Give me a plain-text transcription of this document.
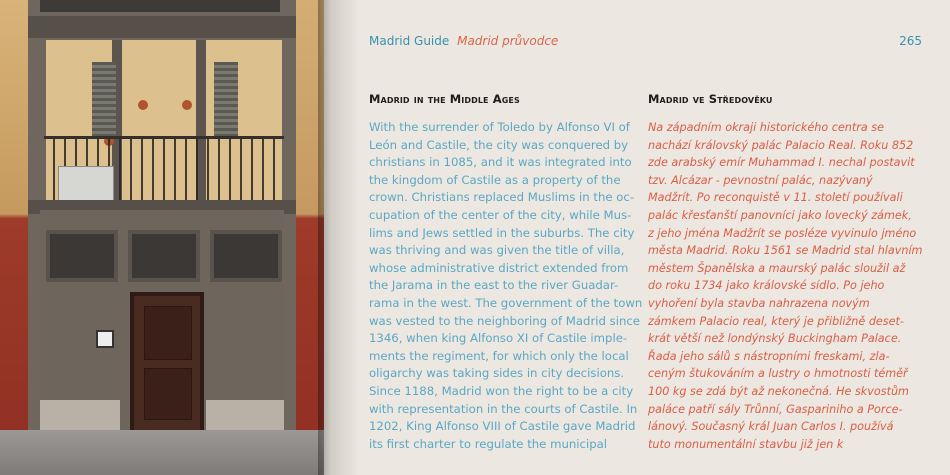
Madrid Guide Madrid průvodce	265
Madrid in the Middle Ages

With the surrender of Toledo by Alfonso VI of
León and Castile, the city was conquered by
christians in 1085, and it was integrated into
the kingdom of Castile as a property of the
crown. Christians replaced Muslims in the oc-
cupation of the center of the city, while Mus-
lims and Jews settled in the suburbs. The city
was thriving and was given the title of villa,
whose administrative district extended from
the Jarama in the east to the river Guadar-
rama in the west. The government of the town
was vested to the neighboring of Madrid since
1346, when king Alfonso XI of Castile imple-
ments the regiment, for which only the local
oligarchy was taking sides in city decisions.
Since 1188, Madrid won the right to be a city
with representation in the courts of Castile. In
1202, King Alfonso VIII of Castile gave Madrid
its first charter to regulate the municipal

Madrid ve Středověku

Na západním okraji historického centra se
nachází královský palác Palacio Real. Roku 852
zde arabský emír Muhammad I. nechal postavit
tzv. Alcázar - pevnostní palác, nazývaný
Madžrít. Po reconquistě v 11. století používali
palác křesťanští panovníci jako lovecký zámek,
z jeho jména Madžrít se posléze vyvinulo jméno
města Madrid. Roku 1561 se Madrid stal hlavním
městem Španělska a maurský palác sloužil až
do roku 1734 jako královské sídlo. Po jeho
vyhoření byla stavba nahrazena novým
zámkem Palacio real, který je přibližně deset-
krát větší než londýnský Buckingham Palace.
Řada jeho sálů s nástropními freskami, zla-
ceným štukováním a lustry o hmotnosti téměř
100 kg se zdá být až nekonečná. He skvostům
paláce patří sály Trůnní, Gaspariniho a Porce-
lánový. Současný král Juan Carlos I. používá
tuto monumentální stavbu již jen k
